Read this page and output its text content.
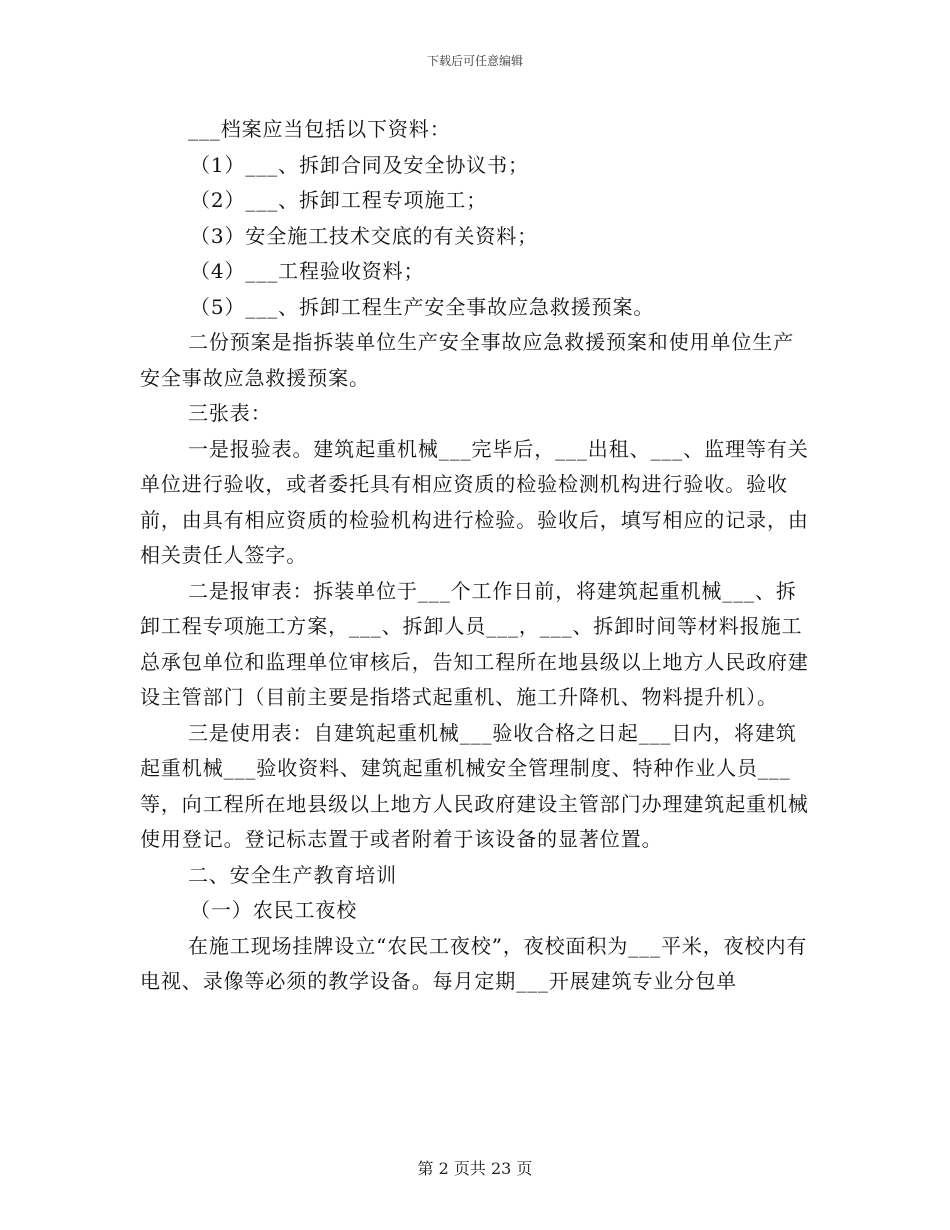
下载后可任意编辑

___档案应当包括以下资料：

（1）___、拆卸合同及安全协议书；

（2）___、拆卸工程专项施工；

（3）安全施工技术交底的有关资料；

（4）___工程验收资料；

（5）___、拆卸工程生产安全事故应急救援预案。

二份预案是指拆装单位生产安全事故应急救援预案和使用单位生产安全事故应急救援预案。

三张表：

一是报验表。建筑起重机械___完毕后，___出租、___、监理等有关单位进行验收，或者委托具有相应资质的检验检测机构进行验收。验收前，由具有相应资质的检验机构进行检验。验收后，填写相应的记录，由相关责任人签字。

二是报审表：拆装单位于___个工作日前，将建筑起重机械___、拆卸工程专项施工方案，___、拆卸人员___，___、拆卸时间等材料报施工总承包单位和监理单位审核后，告知工程所在地县级以上地方人民政府建设主管部门（目前主要是指塔式起重机、施工升降机、物料提升机）。

三是使用表：自建筑起重机械___验收合格之日起___日内，将建筑起重机械___验收资料、建筑起重机械安全管理制度、特种作业人员___等，向工程所在地县级以上地方人民政府建设主管部门办理建筑起重机械使用登记。登记标志置于或者附着于该设备的显著位置。

二、安全生产教育培训

（一）农民工夜校

在施工现场挂牌设立“农民工夜校”，夜校面积为___平米，夜校内有电视、录像等必须的教学设备。每月定期___开展建筑专业分包单

第 2 页共 23 页
